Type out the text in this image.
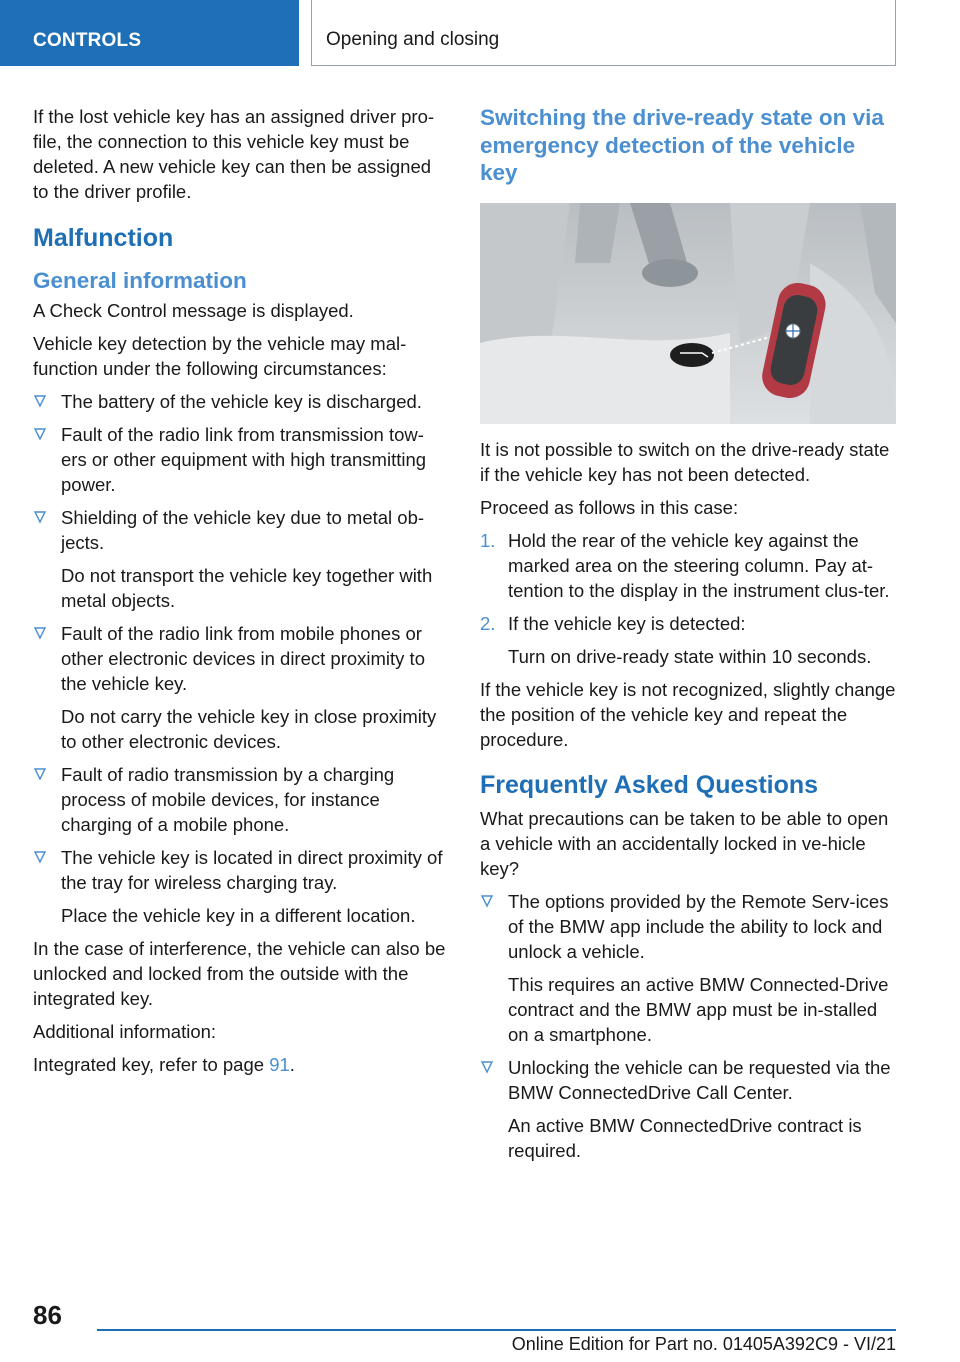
CONTROLS	Opening and closing

If the lost vehicle key has an assigned driver pro-file, the connection to this vehicle key must be deleted. A new vehicle key can then be assigned to the driver profile.

Malfunction
General information

A Check Control message is displayed.

Vehicle key detection by the vehicle may mal-function under the following circumstances:

The battery of the vehicle key is discharged.
Fault of the radio link from transmission tow-ers or other equipment with high transmitting power.
Shielding of the vehicle key due to metal ob-jects.
Do not transport the vehicle key together with metal objects.
Fault of the radio link from mobile phones or other electronic devices in direct proximity to the vehicle key.
Do not carry the vehicle key in close proximity to other electronic devices.
Fault of radio transmission by a charging process of mobile devices, for instance charging of a mobile phone.
The vehicle key is located in direct proximity of the tray for wireless charging tray.
Place the vehicle key in a different location.

In the case of interference, the vehicle can also be unlocked and locked from the outside with the integrated key.

Additional information:

Integrated key, refer to page 91.

Switching the drive-ready state on via emergency detection of the vehicle key

It is not possible to switch on the drive-ready state if the vehicle key has not been detected.

Proceed as follows in this case:

1. Hold the rear of the vehicle key against the marked area on the steering column. Pay at-tention to the display in the instrument clus-ter.
2. If the vehicle key is detected:
Turn on drive-ready state within 10 seconds.

If the vehicle key is not recognized, slightly change the position of the vehicle key and repeat the procedure.

Frequently Asked Questions

What precautions can be taken to be able to open a vehicle with an accidentally locked in ve-hicle key?

The options provided by the Remote Serv-ices of the BMW app include the ability to lock and unlock a vehicle.
This requires an active BMW Connected-Drive contract and the BMW app must be in-stalled on a smartphone.
Unlocking the vehicle can be requested via the BMW ConnectedDrive Call Center.
An active BMW ConnectedDrive contract is required.
86
Online Edition for Part no. 01405A392C9 - VI/21
